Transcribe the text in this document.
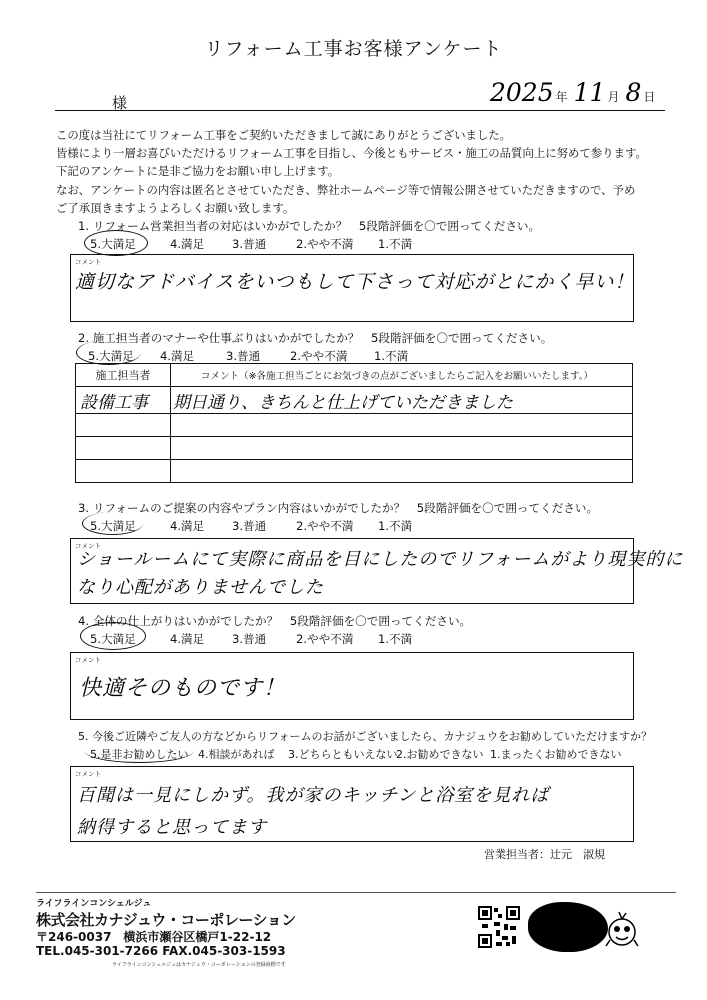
リフォーム工事お客様アンケート
様	2025 年 11 月 8 日
この度は当社にてリフォーム工事をご契約いただきまして誠にありがとうございました。
皆様により一層お喜びいただけるリフォーム工事を目指し、今後ともサービス・施工の品質向上に努めて参ります。
下記のアンケートに是非ご協力をお願い申し上げます。
なお、アンケートの内容は匿名とさせていただき、弊社ホームページ等で情報公開させていただきますので、予め
ご了承頂きますようよろしくお願い致します。
1. リフォーム営業担当者の対応はいかがでしたか？　5段階評価を〇で囲ってください。
5.大満足	4.満足 3.普通	2.やや不満 1.不満
コメント
適切なアドバイスをいつもして下さって対応がとにかく早い！
2. 施工担当者のマナーや仕事ぶりはいかがでしたか？　5段階評価を〇で囲ってください。
5.大満足 4.満足	3.普通	2.やや不満 1.不満
施工担当者	コメント（※各施工担当ごとにお気づきの点がございましたらご記入をお願いいたします。）
設備工事	期日通り、きちんと仕上げていただきました

3. リフォームのご提案の内容やプラン内容はいかがでしたか？　5段階評価を〇で囲ってください。
5.大満足	4.満足 3.普通	2.やや不満 1.不満
コメント
ショールームにて実際に商品を目にしたのでリフォームがより現実的に
なり心配がありませんでした
4. 全体の仕上がりはいかがでしたか？　5段階評価を〇で囲ってください。
5.大満足	4.満足 3.普通	2.やや不満 1.不満
コメント
快適そのものです！
5. 今後ご近隣やご友人の方などからリフォームのお話がございましたら、カナジュウをお勧めしていただけますか？
5.是非お勧めしたい 4.相談があれば 3.どちらともいえない
2.お勧めできない 1.まったくお勧めできない
コメント
百聞は一見にしかず。我が家のキッチンと浴室を見れば
納得すると思ってます
営業担当者：辻元　淑規
ライフラインコンシェルジュ
株式会社カナジュウ・コーポレーション
〒246-0037　横浜市瀬谷区橋戸1-22-12
TEL.045-301-7266 FAX.045-303-1593
ライフラインコンシェルジュはカナジュウ・コーポレーションの登録商標です
